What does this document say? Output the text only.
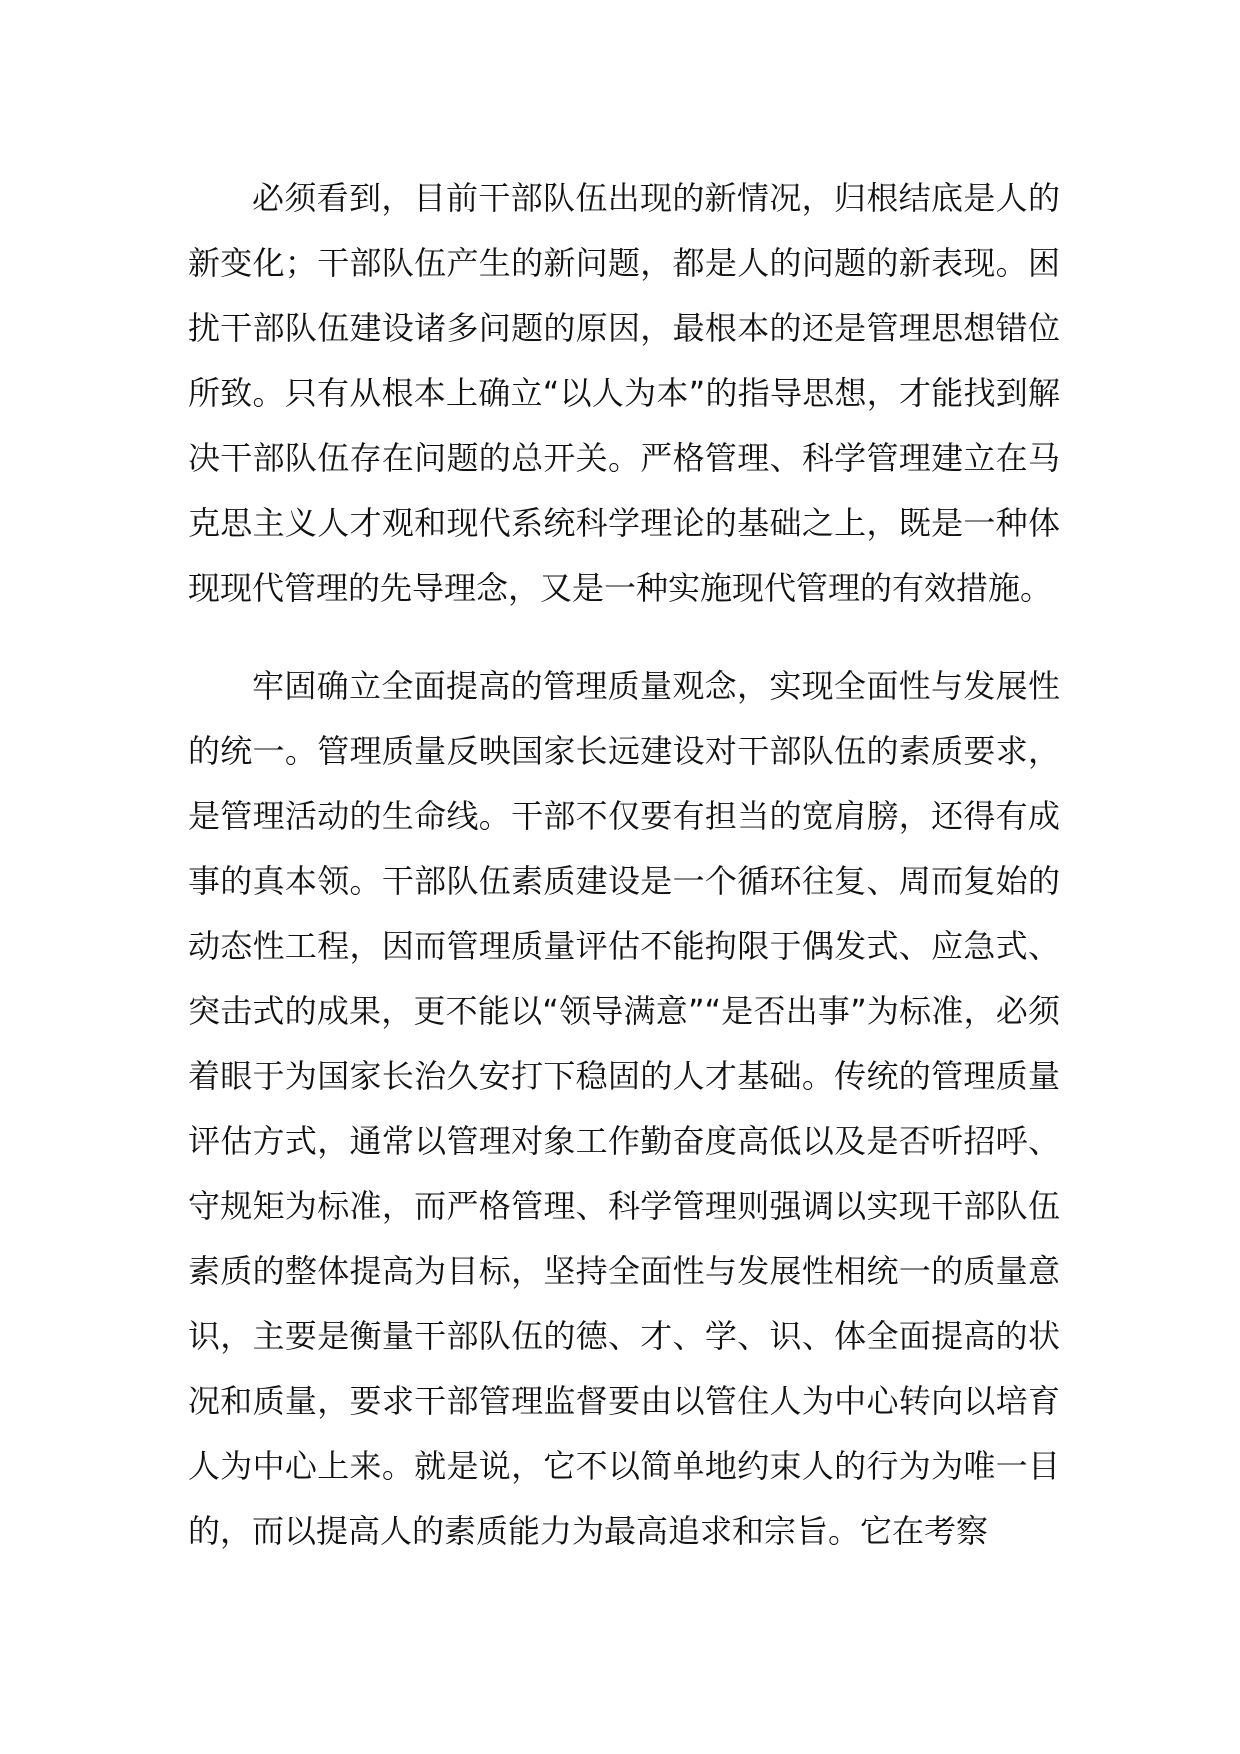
必须看到，目前干部队伍出现的新情况，归根结底是人的新变化；干部队伍产生的新问题，都是人的问题的新表现。困扰干部队伍建设诸多问题的原因，最根本的还是管理思想错位所致。只有从根本上确立“以人为本”的指导思想，才能找到解决干部队伍存在问题的总开关。严格管理、科学管理建立在马克思主义人才观和现代系统科学理论的基础之上，既是一种体现现代管理的先导理念，又是一种实施现代管理的有效措施。

牢固确立全面提高的管理质量观念，实现全面性与发展性的统一。管理质量反映国家长远建设对干部队伍的素质要求，是管理活动的生命线。干部不仅要有担当的宽肩膀，还得有成事的真本领。干部队伍素质建设是一个循环往复、周而复始的动态性工程，因而管理质量评估不能拘限于偶发式、应急式、突击式的成果，更不能以“领导满意”“是否出事”为标准，必须着眼于为国家长治久安打下稳固的人才基础。传统的管理质量评估方式，通常以管理对象工作勤奋度高低以及是否听招呼、守规矩为标准，而严格管理、科学管理则强调以实现干部队伍素质的整体提高为目标，坚持全面性与发展性相统一的质量意识，主要是衡量干部队伍的德、才、学、识、体全面提高的状况和质量，要求干部管理监督要由以管住人为中心转向以培育人为中心上来。就是说，它不以简单地约束人的行为为唯一目的，而以提高人的素质能力为最高追求和宗旨。它在考察
